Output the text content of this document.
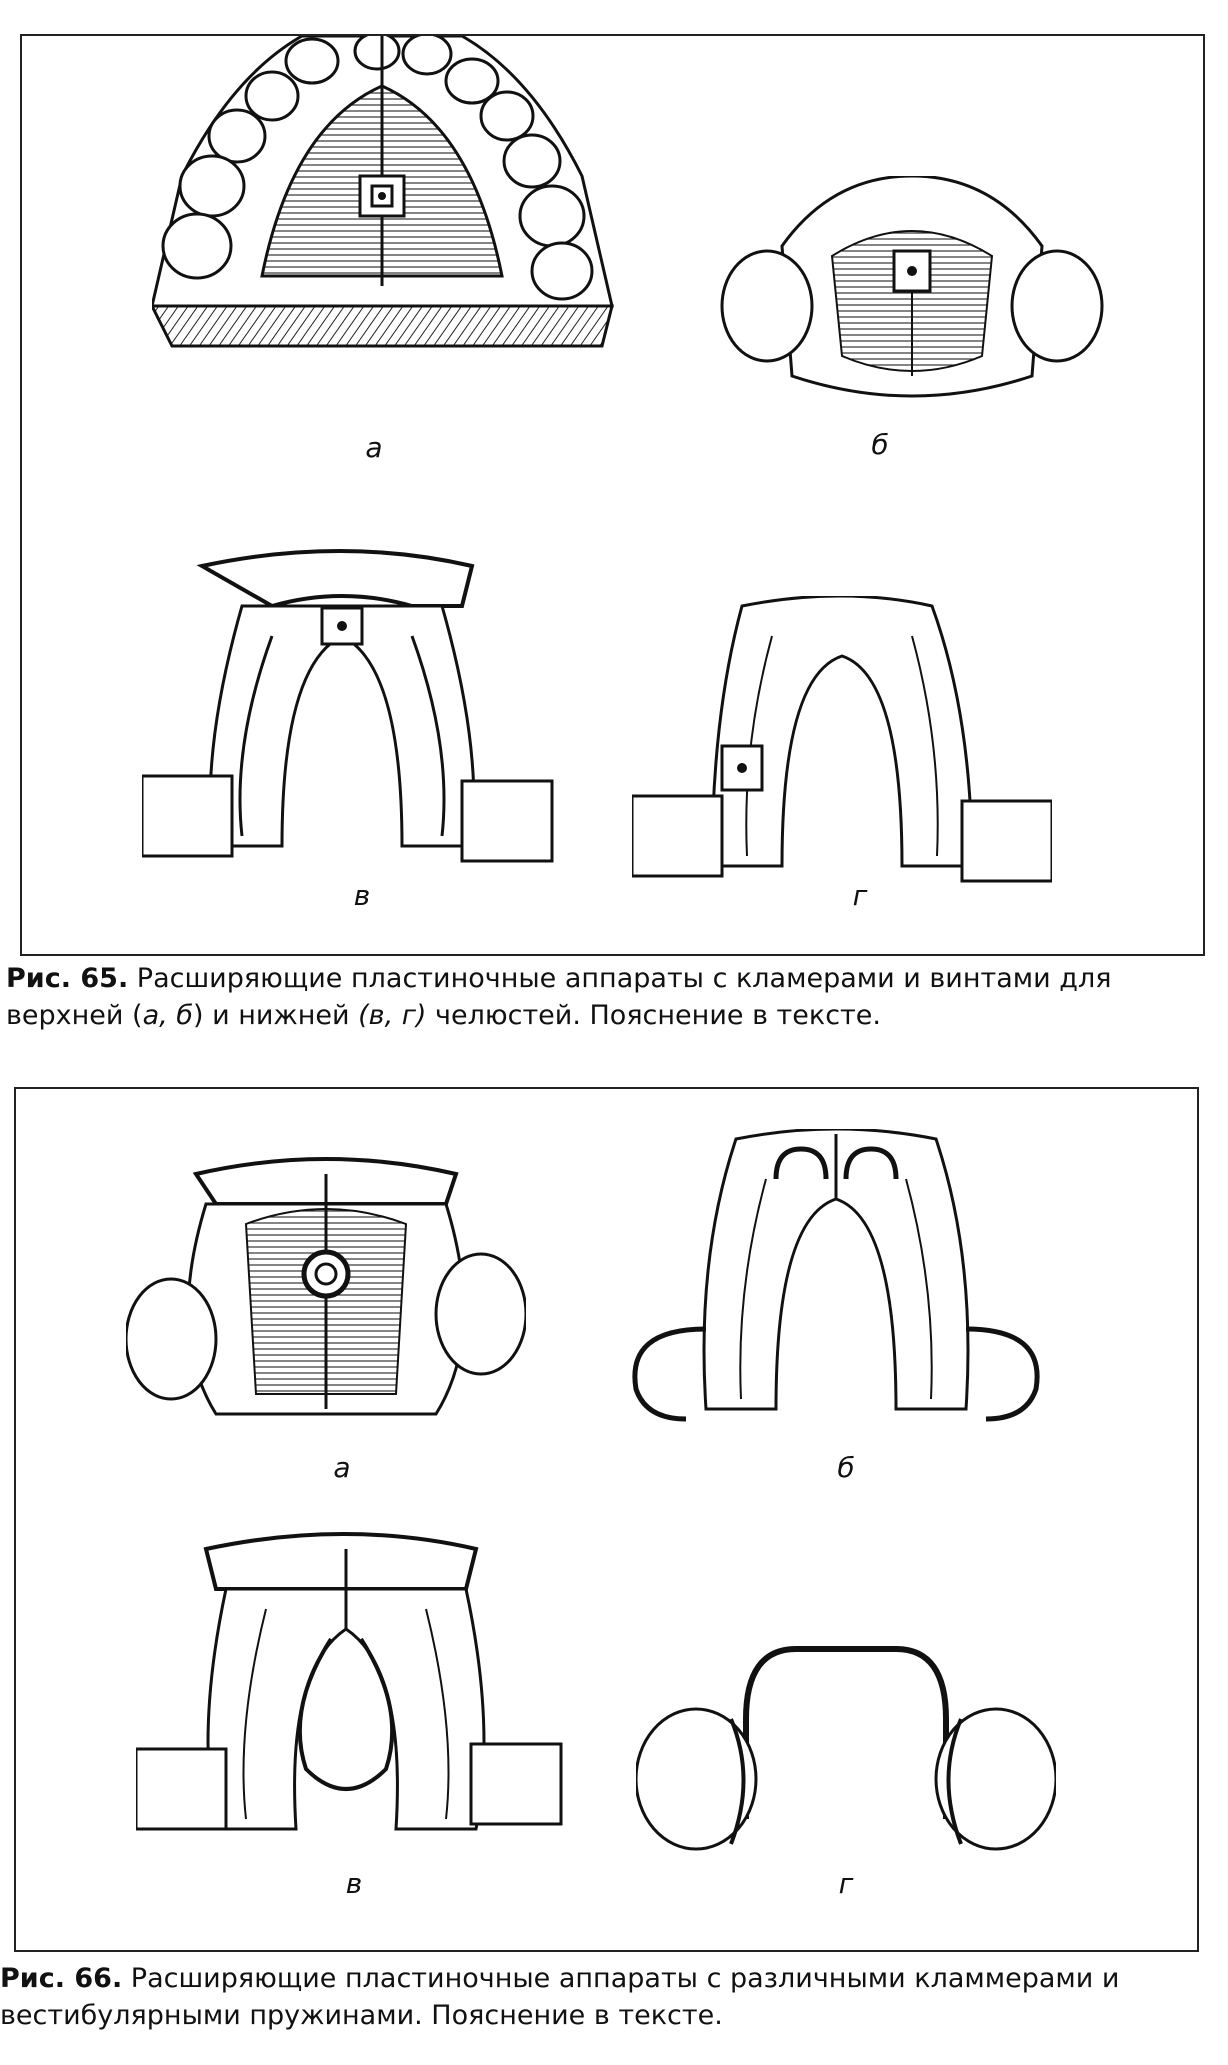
а	б
в	г
Рис. 65. Расширяющие пластиночные аппараты с кламерами и винтами для верхней (а, б) и нижней (в, г) челюстей. Пояснение в тексте.
а	б
в	г
Рис. 66. Расширяющие пластиночные аппараты с различными кламмерами и вестибулярными пружинами. Пояснение в тексте.
